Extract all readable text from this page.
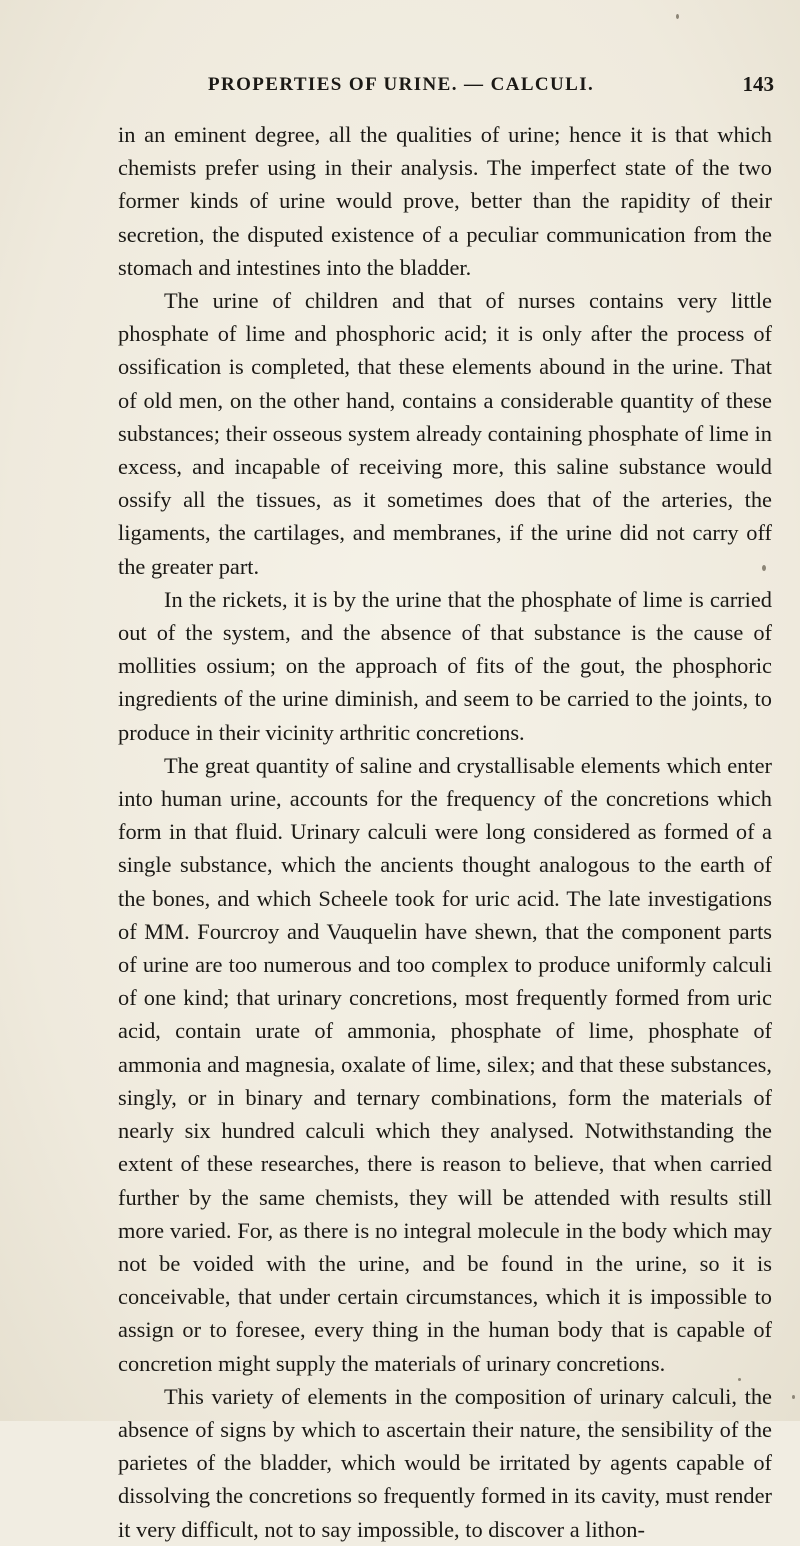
PROPERTIES OF URINE. — CALCULI.	143

in an eminent degree, all the qualities of urine; hence it is that which chemists prefer using in their analysis. The imperfect state of the two former kinds of urine would prove, better than the rapidity of their secretion, the disputed existence of a peculiar communication from the stomach and intestines into the bladder.

The urine of children and that of nurses contains very little phosphate of lime and phosphoric acid; it is only after the process of ossification is completed, that these elements abound in the urine. That of old men, on the other hand, contains a considerable quantity of these substances; their osseous system already containing phosphate of lime in excess, and incapable of receiving more, this saline substance would ossify all the tissues, as it sometimes does that of the arteries, the ligaments, the cartilages, and membranes, if the urine did not carry off the greater part.

In the rickets, it is by the urine that the phosphate of lime is carried out of the system, and the absence of that substance is the cause of mollities ossium; on the approach of fits of the gout, the phosphoric ingredients of the urine diminish, and seem to be carried to the joints, to produce in their vicinity arthritic concretions.

The great quantity of saline and crystallisable elements which enter into human urine, accounts for the frequency of the concretions which form in that fluid. Urinary calculi were long considered as formed of a single substance, which the ancients thought analogous to the earth of the bones, and which Scheele took for uric acid. The late investigations of MM. Fourcroy and Vauquelin have shewn, that the component parts of urine are too numerous and too complex to produce uniformly calculi of one kind; that urinary concretions, most frequently formed from uric acid, contain urate of ammonia, phosphate of lime, phosphate of ammonia and magnesia, oxalate of lime, silex; and that these substances, singly, or in binary and ternary combinations, form the materials of nearly six hundred calculi which they analysed. Notwithstanding the extent of these researches, there is reason to believe, that when carried further by the same chemists, they will be attended with results still more varied. For, as there is no integral molecule in the body which may not be voided with the urine, and be found in the urine, so it is conceivable, that under certain circumstances, which it is impossible to assign or to foresee, every thing in the human body that is capable of concretion might supply the materials of urinary concretions.

This variety of elements in the composition of urinary calculi, the absence of signs by which to ascertain their nature, the sensibility of the parietes of the bladder, which would be irritated by agents capable of dissolving the concretions so frequently formed in its cavity, must render it very difficult, not to say impossible, to discover a lithon-
